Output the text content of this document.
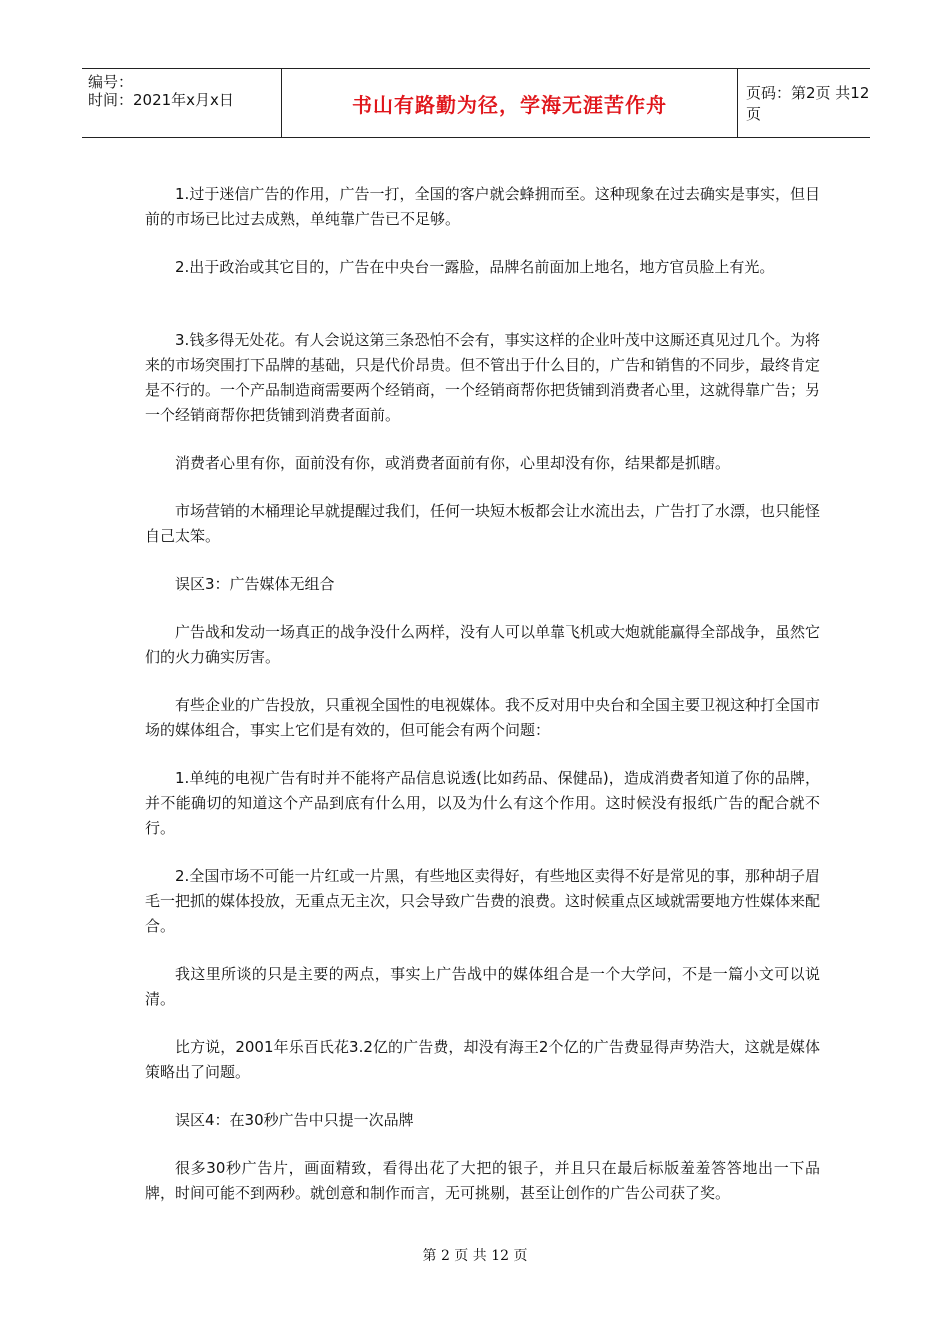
编号：
时间：2021年x月x日	书山有路勤为径，学海无涯苦作舟	页码：第2页 共12页

1.过于迷信广告的作用，广告一打，全国的客户就会蜂拥而至。这种现象在过去确实是事实，但目前的市场已比过去成熟，单纯靠广告已不足够。

2.出于政治或其它目的，广告在中央台一露脸，品牌名前面加上地名，地方官员脸上有光。

3.钱多得无处花。有人会说这第三条恐怕不会有，事实这样的企业叶茂中这厮还真见过几个。为将来的市场突围打下品牌的基础，只是代价昂贵。但不管出于什么目的，广告和销售的不同步，最终肯定是不行的。一个产品制造商需要两个经销商，一个经销商帮你把货铺到消费者心里，这就得靠广告；另一个经销商帮你把货铺到消费者面前。

消费者心里有你，面前没有你，或消费者面前有你，心里却没有你，结果都是抓瞎。

市场营销的木桶理论早就提醒过我们，任何一块短木板都会让水流出去，广告打了水漂，也只能怪自己太笨。

误区3：广告媒体无组合

广告战和发动一场真正的战争没什么两样，没有人可以单靠飞机或大炮就能赢得全部战争，虽然它们的火力确实厉害。

有些企业的广告投放，只重视全国性的电视媒体。我不反对用中央台和全国主要卫视这种打全国市场的媒体组合，事实上它们是有效的，但可能会有两个问题：

1.单纯的电视广告有时并不能将产品信息说透(比如药品、保健品)，造成消费者知道了你的品牌，并不能确切的知道这个产品到底有什么用，以及为什么有这个作用。这时候没有报纸广告的配合就不行。

2.全国市场不可能一片红或一片黑，有些地区卖得好，有些地区卖得不好是常见的事，那种胡子眉毛一把抓的媒体投放，无重点无主次，只会导致广告费的浪费。这时候重点区域就需要地方性媒体来配合。

我这里所谈的只是主要的两点，事实上广告战中的媒体组合是一个大学问，不是一篇小文可以说清。

比方说，2001年乐百氏花3.2亿的广告费，却没有海王2个亿的广告费显得声势浩大，这就是媒体策略出了问题。

误区4：在30秒广告中只提一次品牌

很多30秒广告片，画面精致，看得出花了大把的银子，并且只在最后标版羞羞答答地出一下品牌，时间可能不到两秒。就创意和制作而言，无可挑剔，甚至让创作的广告公司获了奖。

第 2 页 共 12 页
